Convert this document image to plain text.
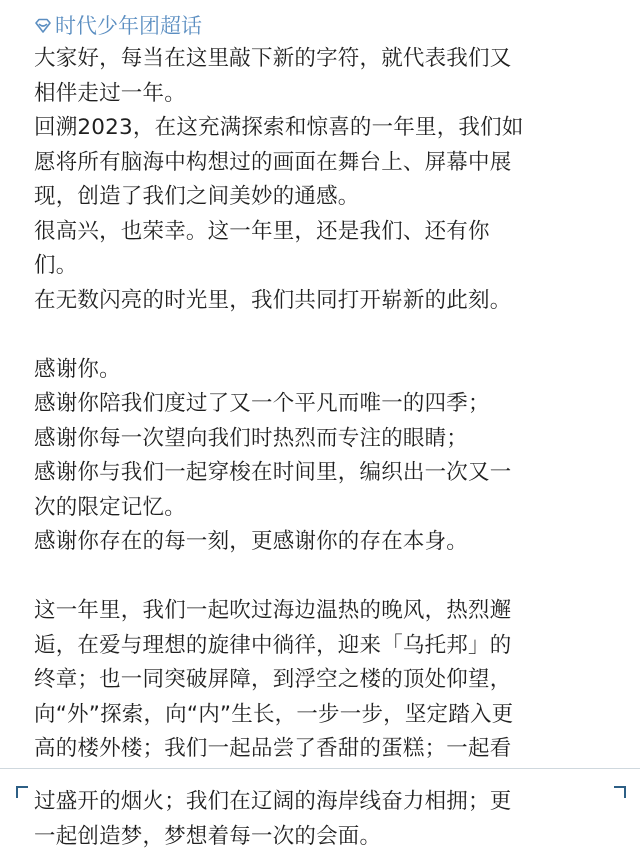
时代少年团超话
大家好，每当在这里敲下新的字符，就代表我们又
相伴走过一年。
回溯2023，在这充满探索和惊喜的一年里，我们如
愿将所有脑海中构想过的画面在舞台上、屏幕中展
现，创造了我们之间美妙的通感。
很高兴，也荣幸。这一年里，还是我们、还有你
们。
在无数闪亮的时光里，我们共同打开崭新的此刻。
感谢你。
感谢你陪我们度过了又一个平凡而唯一的四季；
感谢你每一次望向我们时热烈而专注的眼睛；
感谢你与我们一起穿梭在时间里，编织出一次又一
次的限定记忆。
感谢你存在的每一刻，更感谢你的存在本身。
这一年里，我们一起吹过海边温热的晚风，热烈邂
逅，在爱与理想的旋律中徜徉，迎来「乌托邦」的
终章；也一同突破屏障，到浮空之楼的顶处仰望，
向“外”探索，向“内”生长，一步一步，坚定踏入更
高的楼外楼；我们一起品尝了香甜的蛋糕；一起看
过盛开的烟火；我们在辽阔的海岸线奋力相拥；更
一起创造梦，梦想着每一次的会面。
